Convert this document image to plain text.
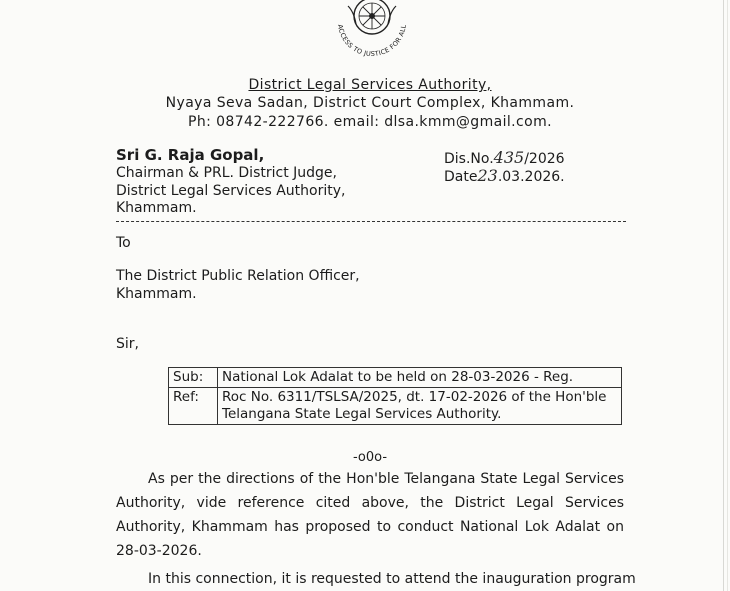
ACCESS TO JUSTICE FOR ALL
District Legal Services Authority,
Nyaya Seva Sadan, District Court Complex, Khammam.
Ph: 08742-222766. email: dlsa.kmm@gmail.com.
Sri G. Raja Gopal,
Chairman & PRL. District Judge,
District Legal Services Authority,
Khammam.
Dis.No.435/2026
Date23.03.2026.
To
The District Public Relation Officer,
Khammam.
Sir,
Sub:	National Lok Adalat to be held on 28-03-2026 - Reg.
Ref:	Roc No. 6311/TSLSA/2025, dt. 17-02-2026 of the Hon'ble
Telangana State Legal Services Authority.
-o0o-
As per the directions of the Hon'ble Telangana State Legal Services
Authority, vide reference cited above, the District Legal Services
Authority, Khammam has proposed to conduct National Lok Adalat on
28-03-2026.
In this connection, it is requested to attend the inauguration program
